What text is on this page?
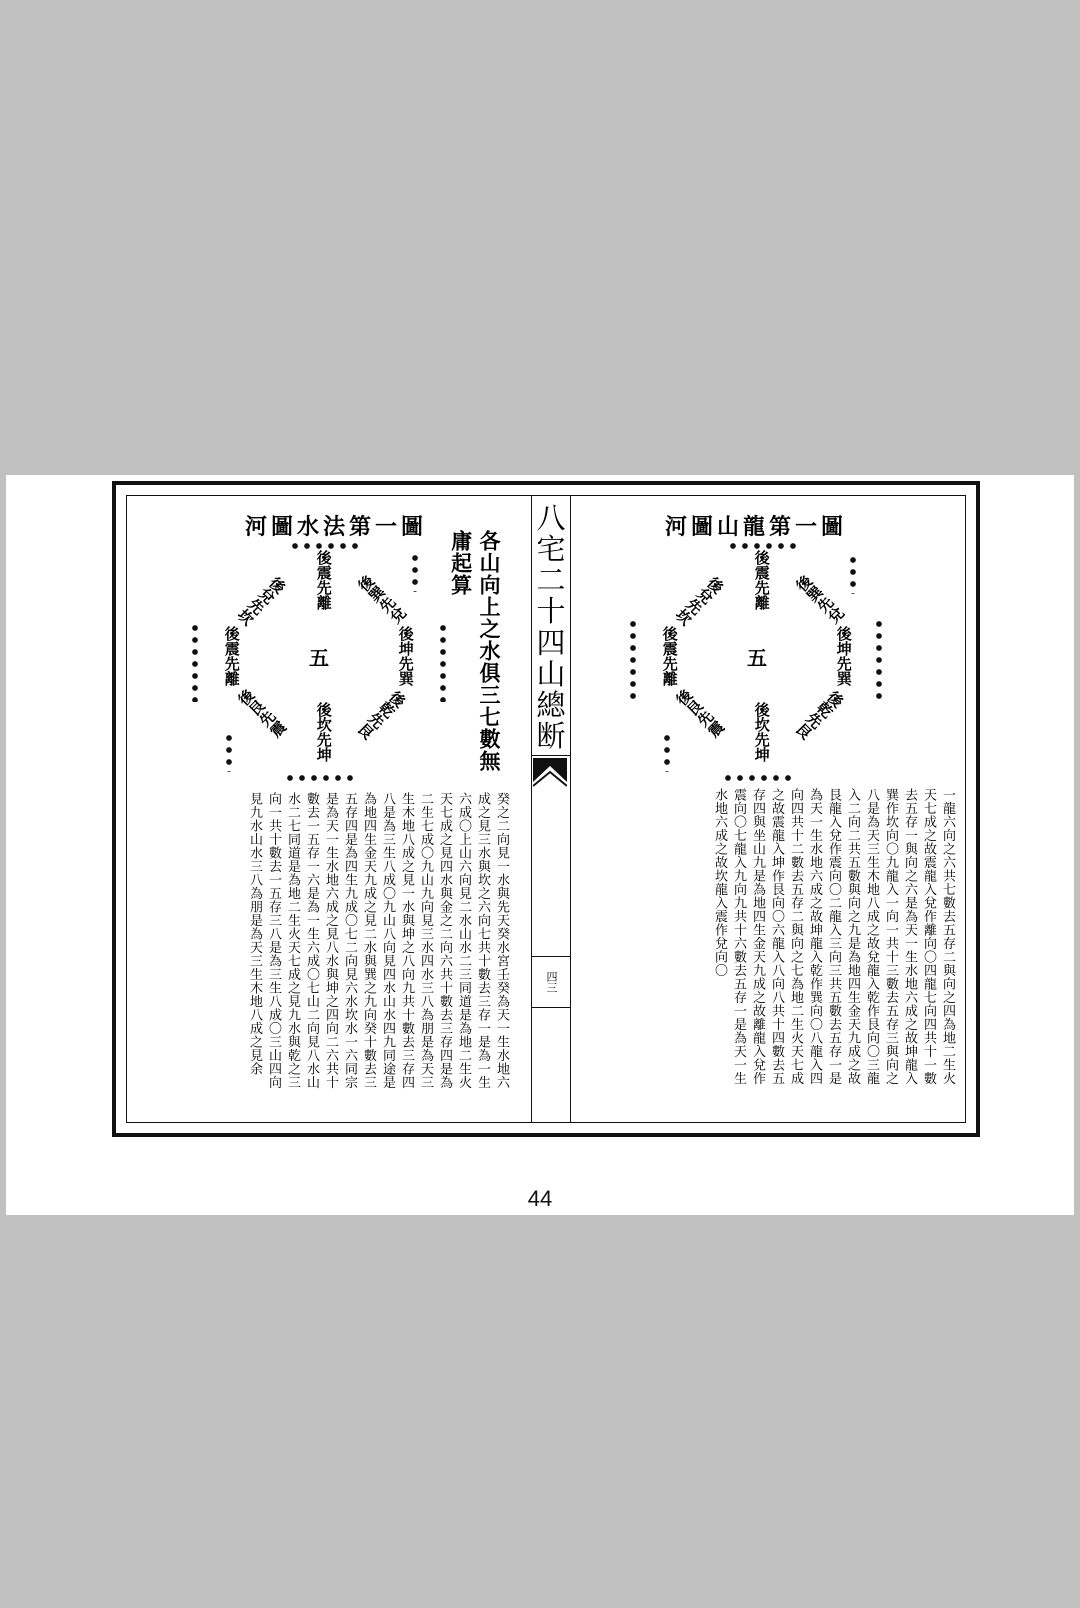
河圖水法第一圖
各山向上之水俱三七數無庸起算
後震先離 後巽先兌
後坤先巽
後乾先艮
後坎先坤
後艮先震
後震先離
後兌先坎
五
癸之二向見一水與先天癸水宮壬癸為天一生水地六成之見三水與坎之六向七共十數去三存一是為一生六成〇上山六向見二水山水二三同道是為地二生火天七成之見四水與金之二向六共十數去三存四是為二生七成〇九山九向見三水四水三八為朋是為天三生木地八成之見一水與坤之八向九共十數去三存四八是為三生八成〇九山八向見四水山水四九同途是為地四生金天九成之見二水與巽之九向癸十數去三五存四是為四生九成〇七二向見六水坎水一六同宗是為天一生水地六成之見八水與坤之四向二六共十數去一五存一六是為一生六成〇七山二向見八水山水二七同道是為地二生火天七成之見九水與乾之三向一共十數去一五存三八是為三生八成〇三山四向見九水山水三八為朋是為天三生木地八成之見余
八
宅
二
十
四
山
總
断
四三
河圖山龍第一圖
後震先離 後巽先兌
後坤先巽
後乾先艮
後坎先坤
後艮先震
後震先離
後兌先坎
五
一龍六向之六共七數去五存二與向之四為地二生火天七成之故震龍入兌作離向〇四龍七向四共十一數去五存一與向之六是為天一生水地六成之故坤龍入巽作坎向〇九龍入一向一共十三數去五存三與向之八是為天三生木地八成之故兌龍入乾作艮向〇三龍入二向二共五數與向之九是為地四生金天九成之故艮龍入兌作震向〇二龍入三向三共五數去五存一是為天一生水地六成之故坤龍入乾作巽向〇八龍入四向四共十二數去五存二與向之七為地二生火天七成之故震龍入坤作艮向〇六龍入八向八共十四數去五存四與坐山九是為地四生金天九成之故離龍入兌作震向〇七龍入九向九共十六數去五存一是為天一生水地六成之故坎龍入震作兌向〇
44
